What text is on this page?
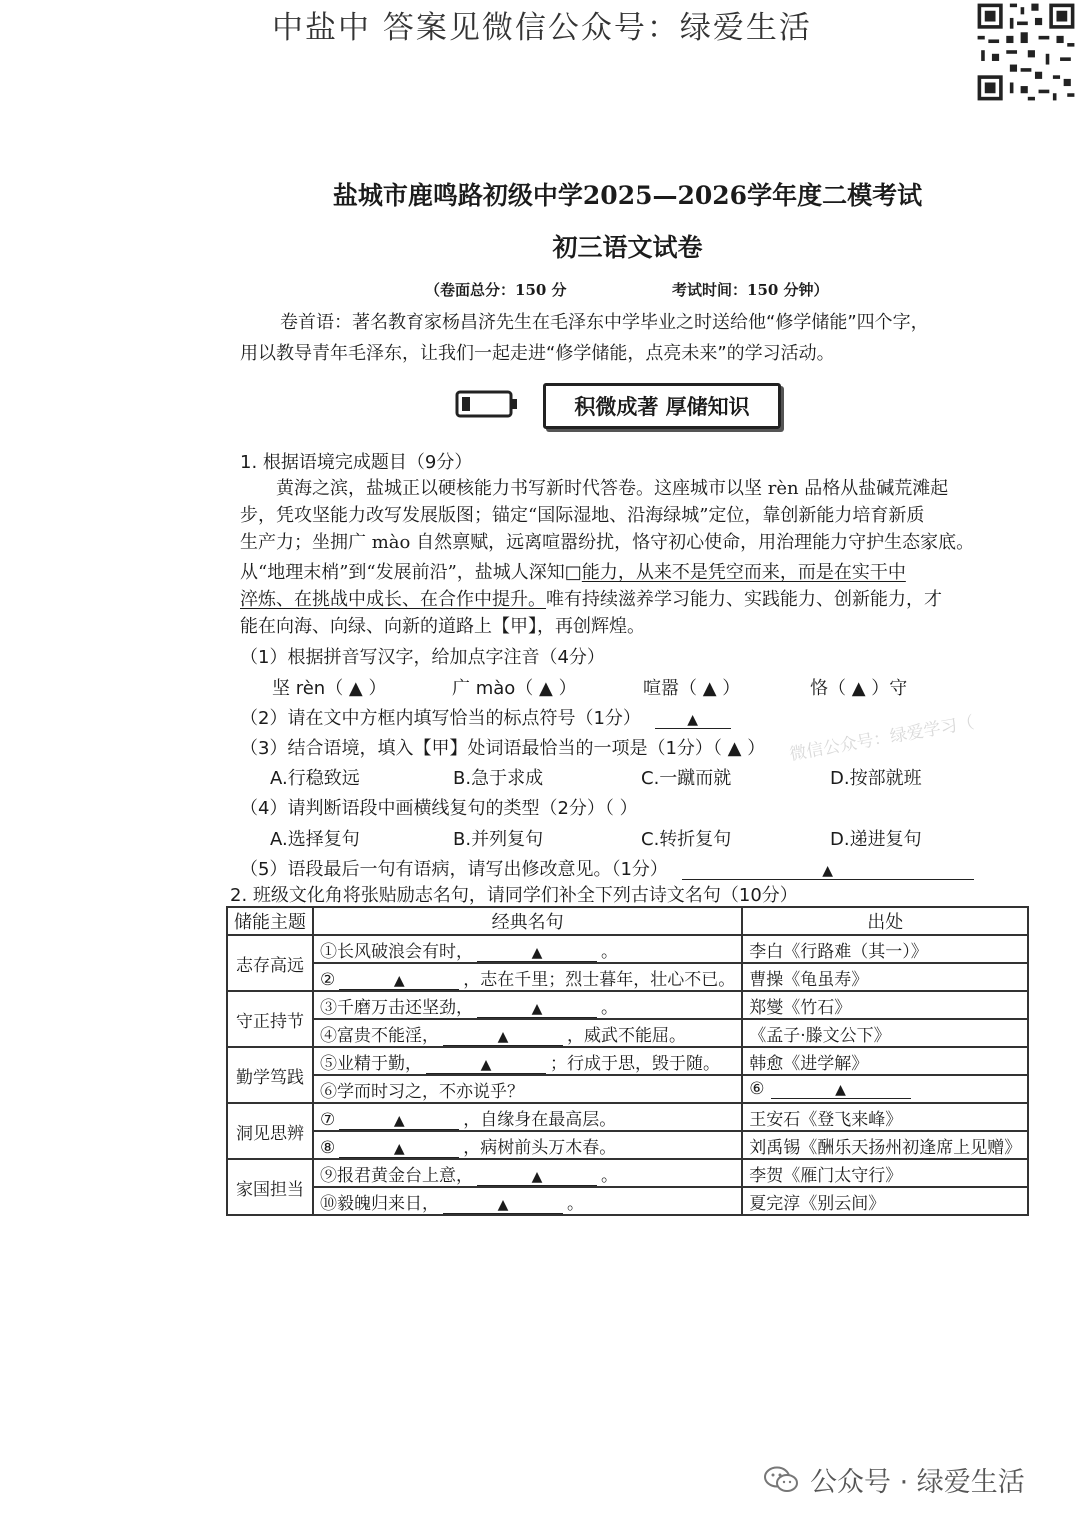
中盐中 答案见微信公众号：绿爱生活
盐城市鹿鸣路初级中学2025—2026学年度二模考试
初三语文试卷
（卷面总分：150 分	考试时间：150 分钟）
卷首语：著名教育家杨昌济先生在毛泽东中学毕业之时送给他“修学储能”四个字，
用以教导青年毛泽东，让我们一起走进“修学储能，点亮未来”的学习活动。
积微成著 厚储知识
1. 根据语境完成题目（9分）
黄海之滨，盐城正以硬核能力书写新时代答卷。这座城市以坚 rèn 品格从盐碱荒滩起
步，凭攻坚能力改写发展版图；锚定“国际湿地、沿海绿城”定位，靠创新能力培育新质
生产力；坐拥广 mào 自然禀赋，远离喧嚣纷扰，恪守初心使命，用治理能力守护生态家底。
从“地理末梢”到“发展前沿”，盐城人深知□能力，从来不是凭空而来，而是在实干中
淬炼、在挑战中成长、在合作中提升。唯有持续滋养学习能力、实践能力、创新能力，才
能在向海、向绿、向新的道路上【甲】，再创辉煌。
（1）根据拼音写汉字，给加点字注音（4分）
坚 rèn（ ▲ ）	广 mào（ ▲ ）	喧嚣（ ▲ ）	恪（ ▲ ）守
（2）请在文中方框内填写恰当的标点符号（1分）	▲
（3）结合语境，填入【甲】处词语最恰当的一项是（1分）（ ▲ ）
A.行稳致远	B.急于求成	C.一蹴而就	D.按部就班
（4）请判断语段中画横线复句的类型（2分）（ ）
A.选择复句	B.并列复句	C.转折复句	D.递进复句
（5）语段最后一句有语病，请写出修改意见。（1分）	▲
2. 班级文化角将张贴励志名句，请同学们补全下列古诗文名句（10分）
储能主题	经典名句	出处
志存高远	①长风破浪会有时， ▲ 。	李白《行路难（其一）》
	② ▲ ，志在千里；烈士暮年，壮心不已。	曹操《龟虽寿》
守正持节	③千磨万击还坚劲， ▲ 。	郑燮《竹石》
	④富贵不能淫， ▲ ，威武不能屈。	《孟子·滕文公下》
勤学笃践	⑤业精于勤， ▲ ；行成于思，毁于随。	韩愈《进学解》
	⑥学而时习之，不亦说乎？	⑥ ▲
洞见思辨	⑦ ▲ ，自缘身在最高层。	王安石《登飞来峰》
	⑧ ▲ ，病树前头万木春。	刘禹锡《酬乐天扬州初逢席上见赠》
家国担当	⑨报君黄金台上意， ▲ 。	李贺《雁门太守行》
	⑩毅魄归来日， ▲ 。	夏完淳《别云间》
微信公众号：绿爱学习（
公众号 · 绿爱生活
